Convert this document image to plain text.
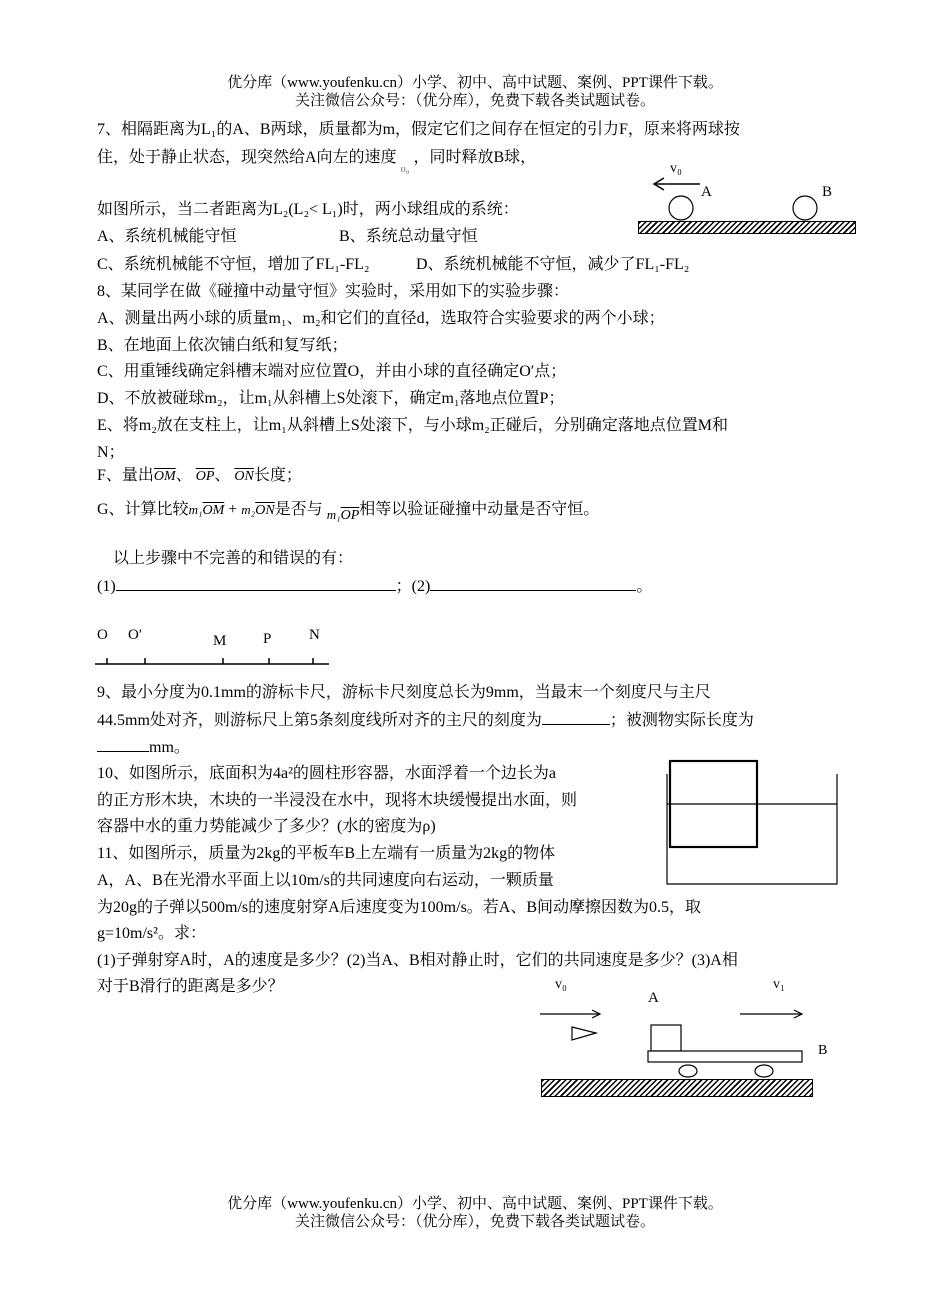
优分库（www.youfenku.cn）小学、初中、高中试题、案例、PPT课件下载。
关注微信公众号：（优分库），免费下载各类试题试卷。
7、相隔距离为L₁的A、B两球，质量都为m，假定它们之间存在恒定的引力F，原来将两球按
住，处于静止状态，现突然给A向左的速度$_{\upsilon_0}$，同时释放B球，
如图所示，当二者距离为L₂(L₂< L₁)时，两小球组成的系统：
A、系统机械能守恒	B、系统总动量守恒
C、系统机械能不守恒，增加了FL₁-FL₂	D、系统机械能不守恒，减少了FL₁-FL₂
v₀
A	B
8、某同学在做《碰撞中动量守恒》实验时，采用如下的实验步骤：
A、测量出两小球的质量m₁、m₂和它们的直径d，选取符合实验要求的两个小球；
B、在地面上依次铺白纸和复写纸；
C、用重锤线确定斜槽末端对应位置O，并由小球的直径确定O′点；
D、不放被碰球m₂，让m₁从斜槽上S处滚下，确定m₁落地点位置P；
E、将m₂放在支柱上，让m₁从斜槽上S处滚下，与小球m₂正碰后，分别确定落地点位置M和
N；
F、量出$\overline{OM}$、 $\overline{OP}$、 $\overline{ON}$长度；
G、计算比较$m_1\overline{OM} + m_2\overline{ON}$是否与 $_{m_1}\overline{OP}$相等以验证碰撞中动量是否守恒。
以上步骤中不完善的和错误的有：
(1)	；(2)	。
O O′	M P	N
9、最小分度为0.1mm的游标卡尺，游标卡尺刻度总长为9mm，当最末一个刻度尺与主尺
44.5mm处对齐，则游标尺上第5条刻度线所对齐的主尺的刻度为	；被测物实际长度为
mm。
10、如图所示，底面积为4a²的圆柱形容器，水面浮着一个边长为a
的正方形木块，木块的一半浸没在水中，现将木块缓慢提出水面，则
容器中水的重力势能减少了多少？(水的密度为ρ)
11、如图所示，质量为2kg的平板车B上左端有一质量为2kg的物体
A，A、B在光滑水平面上以10m/s的共同速度向右运动，一颗质量
为20g的子弹以500m/s的速度射穿A后速度变为100m/s。若A、B间动摩擦因数为0.5，取
g=10m/s²。求：
(1)子弹射穿A时，A的速度是多少？(2)当A、B相对静止时，它们的共同速度是多少？(3)A相
对于B滑行的距离是多少？	v₀
A
v₁
B
优分库（www.youfenku.cn）小学、初中、高中试题、案例、PPT课件下载。
关注微信公众号：（优分库），免费下载各类试题试卷。
